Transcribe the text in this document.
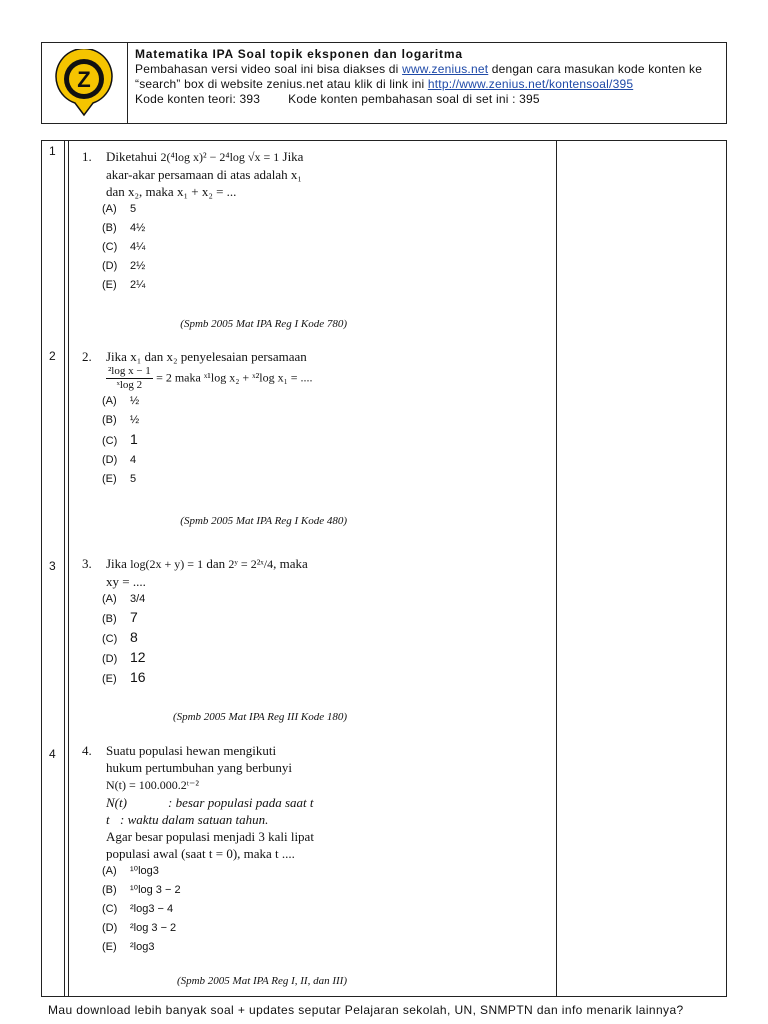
Z
Matematika IPA Soal topik eksponen dan logaritma
Pembahasan versi video soal ini bisa diakses di www.zenius.net dengan cara masukan kode konten ke
“search” box di website zenius.net atau klik di link ini http://www.zenius.net/kontensoal/395
Kode konten teori: 393 Kode konten pembahasan soal di set ini : 395
1 1. Diketahui 2(⁴log x)² − 2⁴log √x = 1 Jika
akar-akar persamaan di atas adalah x₁
dan x₂, maka x₁ + x₂ = ...
(A) 5
(B) 4½
(C) 4¼
(D) 2½
(E) 2¼
(Spmb 2005 Mat IPA Reg I Kode 780)
2 2. Jika x₁ dan x₂ penyelesaian persamaan

$\frac{\text{²log x − 1}}{\text{ˣlog 2}} = 2$ maka ˣ¹log x₂ + ˣ²log x₁ = ....
(A) ½
(B) ½
(C) 1
(D) 4
(E) 5
(Spmb 2005 Mat IPA Reg I Kode 480)
3 3. Jika log(2x + y) = 1 dan 2ʸ = 2²ˣ/4, maka
xy = ....
(A) 3/4
(B) 7
(C) 8
(D) 12
(E) 16
(Spmb 2005 Mat IPA Reg III Kode 180)
4 4. Suatu populasi hewan mengikuti
hukum pertumbuhan yang berbunyi
N(t) = 100.000.2ᵗ⁻²
N(t)	: besar populasi pada saat t
t : waktu dalam satuan tahun.
Agar besar populasi menjadi 3 kali lipat
populasi awal (saat t = 0), maka t ....
(A) ¹⁰log3
(B) ¹⁰log 3 − 2
(C) ²log3 − 4
(D) ²log 3 − 2
(E) ²log3
(Spmb 2005 Mat IPA Reg I, II, dan III)
Mau download lebih banyak soal + updates seputar Pelajaran sekolah, UN, SNMPTN dan info menarik lainnya?
